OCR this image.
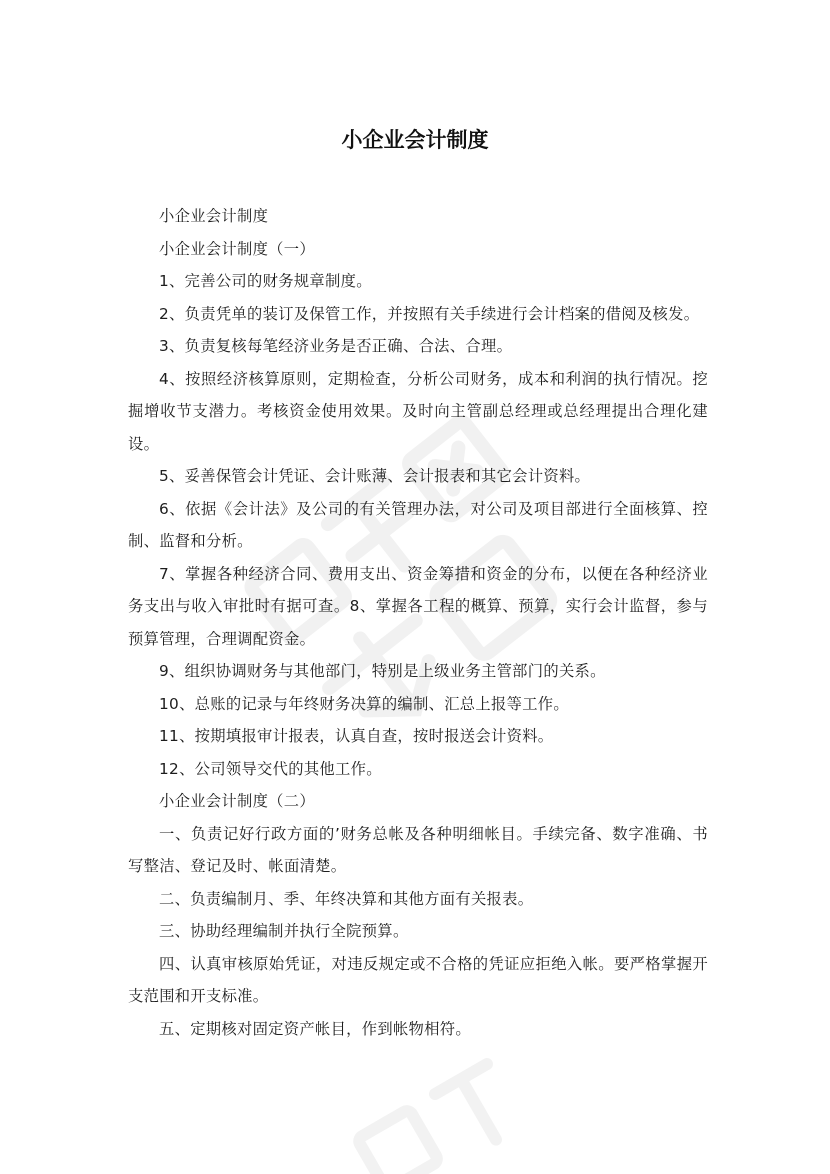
小企业会计制度

小企业会计制度

小企业会计制度（一）

1、完善公司的财务规章制度。

2、负责凭单的装订及保管工作，并按照有关手续进行会计档案的借阅及核发。

3、负责复核每笔经济业务是否正确、合法、合理。

4、按照经济核算原则，定期检查，分析公司财务，成本和利润的执行情况。挖掘增收节支潜力。考核资金使用效果。及时向主管副总经理或总经理提出合理化建设。

5、妥善保管会计凭证、会计账薄、会计报表和其它会计资料。

6、依据《会计法》及公司的有关管理办法，对公司及项目部进行全面核算、控制、监督和分析。

7、掌握各种经济合同、费用支出、资金筹措和资金的分布，以便在各种经济业务支出与收入审批时有据可查。8、掌握各工程的概算、预算，实行会计监督，参与预算管理，合理调配资金。

9、组织协调财务与其他部门，特别是上级业务主管部门的关系。

10、总账的记录与年终财务决算的编制、汇总上报等工作。

11、按期填报审计报表，认真自查，按时报送会计资料。

12、公司领导交代的其他工作。

小企业会计制度（二）

一、负责记好行政方面的’财务总帐及各种明细帐目。手续完备、数字准确、书写整洁、登记及时、帐面清楚。

二、负责编制月、季、年终决算和其他方面有关报表。

三、协助经理编制并执行全院预算。

四、认真审核原始凭证，对违反规定或不合格的凭证应拒绝入帐。要严格掌握开支范围和开支标准。

五、定期核对固定资产帐目，作到帐物相符。
